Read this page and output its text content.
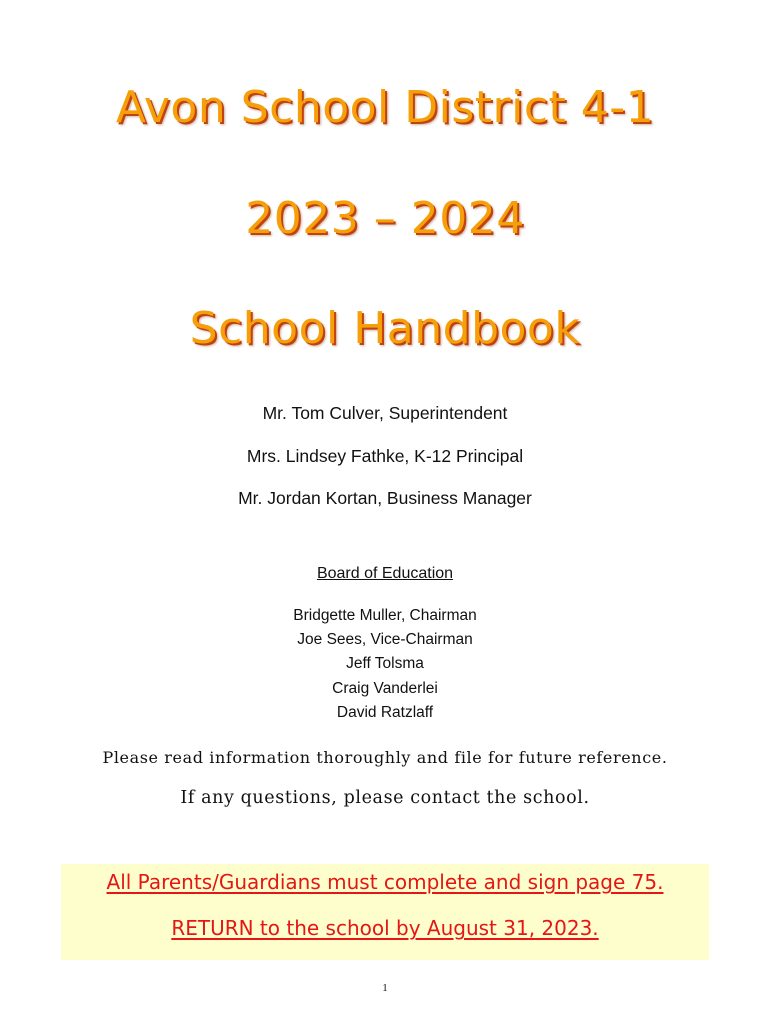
Avon School District 4-1
2023 – 2024
School Handbook
Mr. Tom Culver, Superintendent
Mrs. Lindsey Fathke, K-12 Principal
Mr. Jordan Kortan, Business Manager
Board of Education
Bridgette Muller, Chairman
Joe Sees, Vice-Chairman
Jeff Tolsma
Craig Vanderlei
David Ratzlaff
Please read information thoroughly and file for future reference.
If any questions, please contact the school.
All Parents/Guardians must complete and sign page 75.
RETURN to the school by August 31, 2023.
1
